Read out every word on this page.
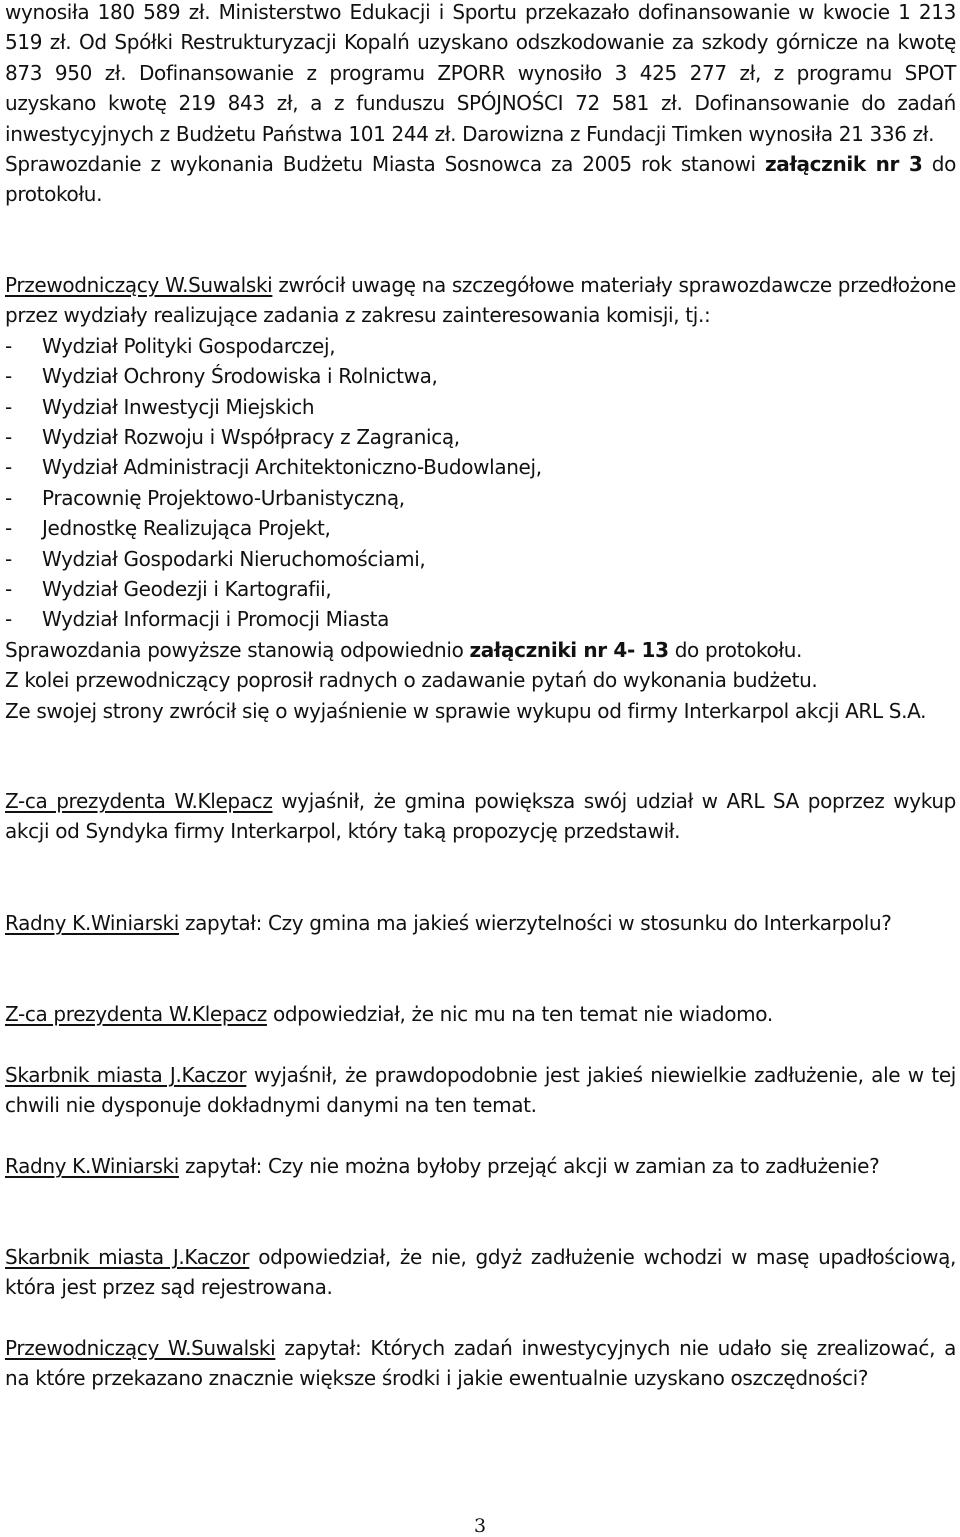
wynosiła 180 589 zł. Ministerstwo Edukacji i Sportu przekazało dofinansowanie w kwocie 1 213 519 zł. Od Spółki Restrukturyzacji Kopalń uzyskano odszkodowanie za szkody górnicze na kwotę 873 950 zł. Dofinansowanie z programu ZPORR wynosiło 3 425 277 zł, z programu SPOT uzyskano kwotę 219 843 zł, a z funduszu SPÓJNOŚCI 72 581 zł. Dofinansowanie do zadań inwestycyjnych z Budżetu Państwa 101 244 zł. Darowizna z Fundacji Timken wynosiła 21 336 zł.
Sprawozdanie z wykonania Budżetu Miasta Sosnowca za 2005 rok stanowi załącznik nr 3 do protokołu.

Przewodniczący W.Suwalski zwrócił uwagę na szczegółowe materiały sprawozdawcze przedłożone przez wydziały realizujące zadania z zakresu zainteresowania komisji, tj.:

- Wydział Polityki Gospodarczej,
- Wydział Ochrony Środowiska i Rolnictwa,
- Wydział Inwestycji Miejskich
- Wydział Rozwoju i Współpracy z Zagranicą,
- Wydział Administracji Architektoniczno-Budowlanej,
- Pracownię Projektowo-Urbanistyczną,
- Jednostkę Realizująca Projekt,
- Wydział Gospodarki Nieruchomościami,
- Wydział Geodezji i Kartografii,
- Wydział Informacji i Promocji Miasta

Sprawozdania powyższe stanowią odpowiednio załączniki nr 4- 13 do protokołu.

Z kolei przewodniczący poprosił radnych o zadawanie pytań do wykonania budżetu.

Ze swojej strony zwrócił się o wyjaśnienie w sprawie wykupu od firmy Interkarpol akcji ARL S.A.

Z-ca prezydenta W.Klepacz wyjaśnił, że gmina powiększa swój udział w ARL SA poprzez wykup akcji od Syndyka firmy Interkarpol, który taką propozycję przedstawił.

Radny K.Winiarski zapytał: Czy gmina ma jakieś wierzytelności w stosunku do Interkarpolu?

Z-ca prezydenta W.Klepacz odpowiedział, że nic mu na ten temat nie wiadomo.

Skarbnik miasta J.Kaczor wyjaśnił, że prawdopodobnie jest jakieś niewielkie zadłużenie, ale w tej chwili nie dysponuje dokładnymi danymi na ten temat.

Radny K.Winiarski zapytał: Czy nie można byłoby przejąć akcji w zamian za to zadłużenie?

Skarbnik miasta J.Kaczor odpowiedział, że nie, gdyż zadłużenie wchodzi w masę upadłościową, która jest przez sąd rejestrowana.

Przewodniczący W.Suwalski zapytał: Których zadań inwestycyjnych nie udało się zrealizować, a na które przekazano znacznie większe środki i jakie ewentualnie uzyskano oszczędności?

3
